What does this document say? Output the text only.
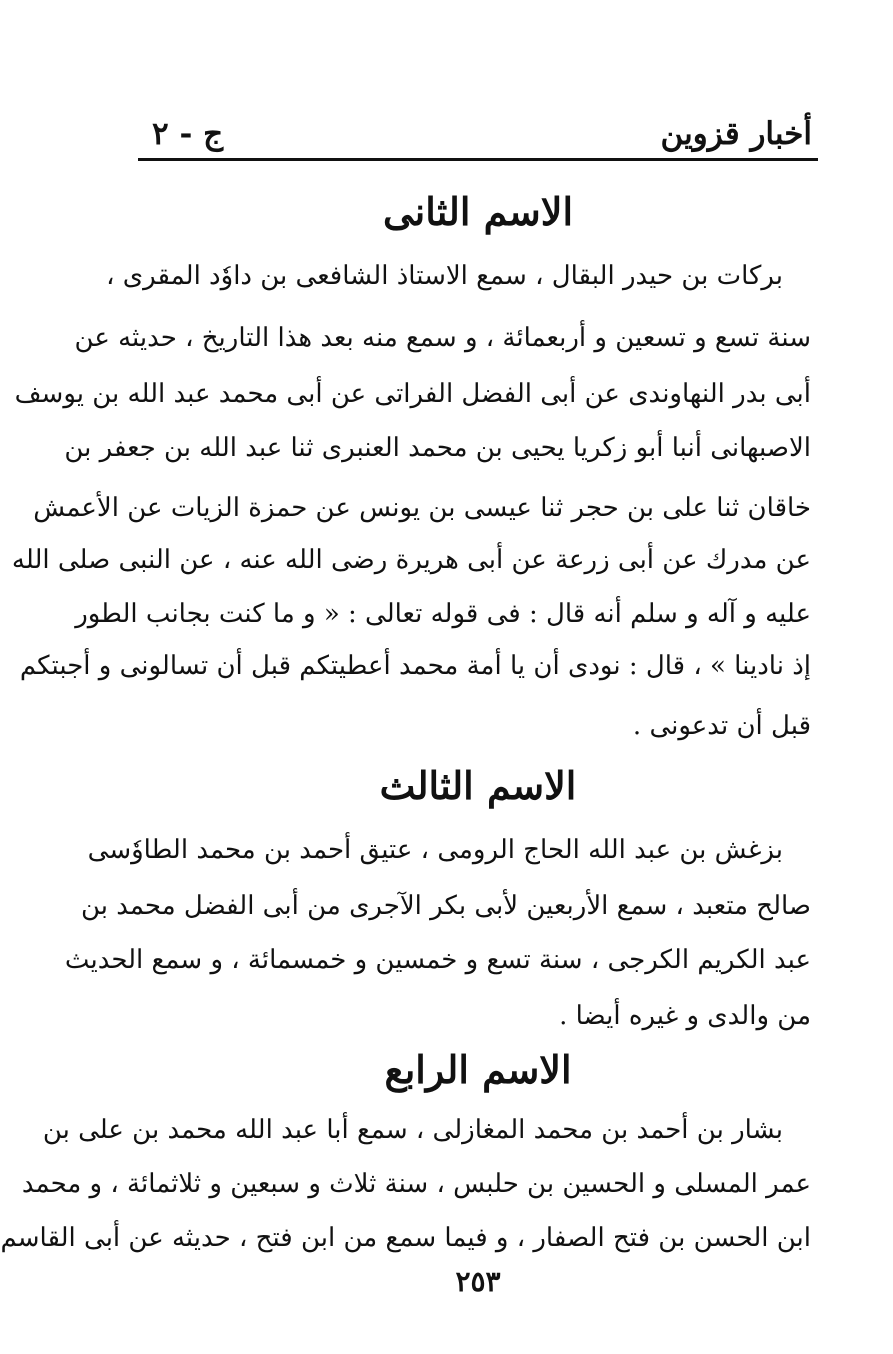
أخبار قزوين
ج - ٢
الاسم الثانى
بركات بن حيدر البقال ، سمع الاستاذ الشافعى بن داوٗد المقرى ،
سنة تسع و تسعين و أربعمائة ، و سمع منه بعد هذا التاريخ ، حديثه عن
أبى بدر النهاوندى عن أبى الفضل الفراتى عن أبى محمد عبد الله بن يوسف
الاصبهانى أنبا أبو زكريا يحيى بن محمد العنبرى ثنا عبد الله بن جعفر بن
خاقان ثنا على بن حجر ثنا عيسى بن يونس عن حمزة الزيات عن الأعمش
عن مدرك عن أبى زرعة عن أبى هريرة رضى الله عنه ، عن النبى صلى الله
عليه و آله و سلم أنه قال : فى قوله تعالى : « و ما كنت بجانب الطور
إذ نادينا » ، قال : نودى أن يا أمة محمد أعطيتكم قبل أن تسالونى و أجبتكم
قبل أن تدعونى .
الاسم الثالث
بزغش بن عبد الله الحاج الرومى ، عتيق أحمد بن محمد الطاوٗسى
صالح متعبد ، سمع الأربعين لأبى بكر الآجرى من أبى الفضل محمد بن
عبد الكريم الكرجى ، سنة تسع و خمسين و خمسمائة ، و سمع الحديث
من والدى و غيره أيضا .
الاسم الرابع
بشار بن أحمد بن محمد المغازلى ، سمع أبا عبد الله محمد بن على بن
عمر المسلى و الحسين بن حلبس ، سنة ثلاث و سبعين و ثلاثمائة ، و محمد
ابن الحسن بن فتح الصفار ، و فيما سمع من ابن فتح ، حديثه عن أبى القاسم
٢٥٣
